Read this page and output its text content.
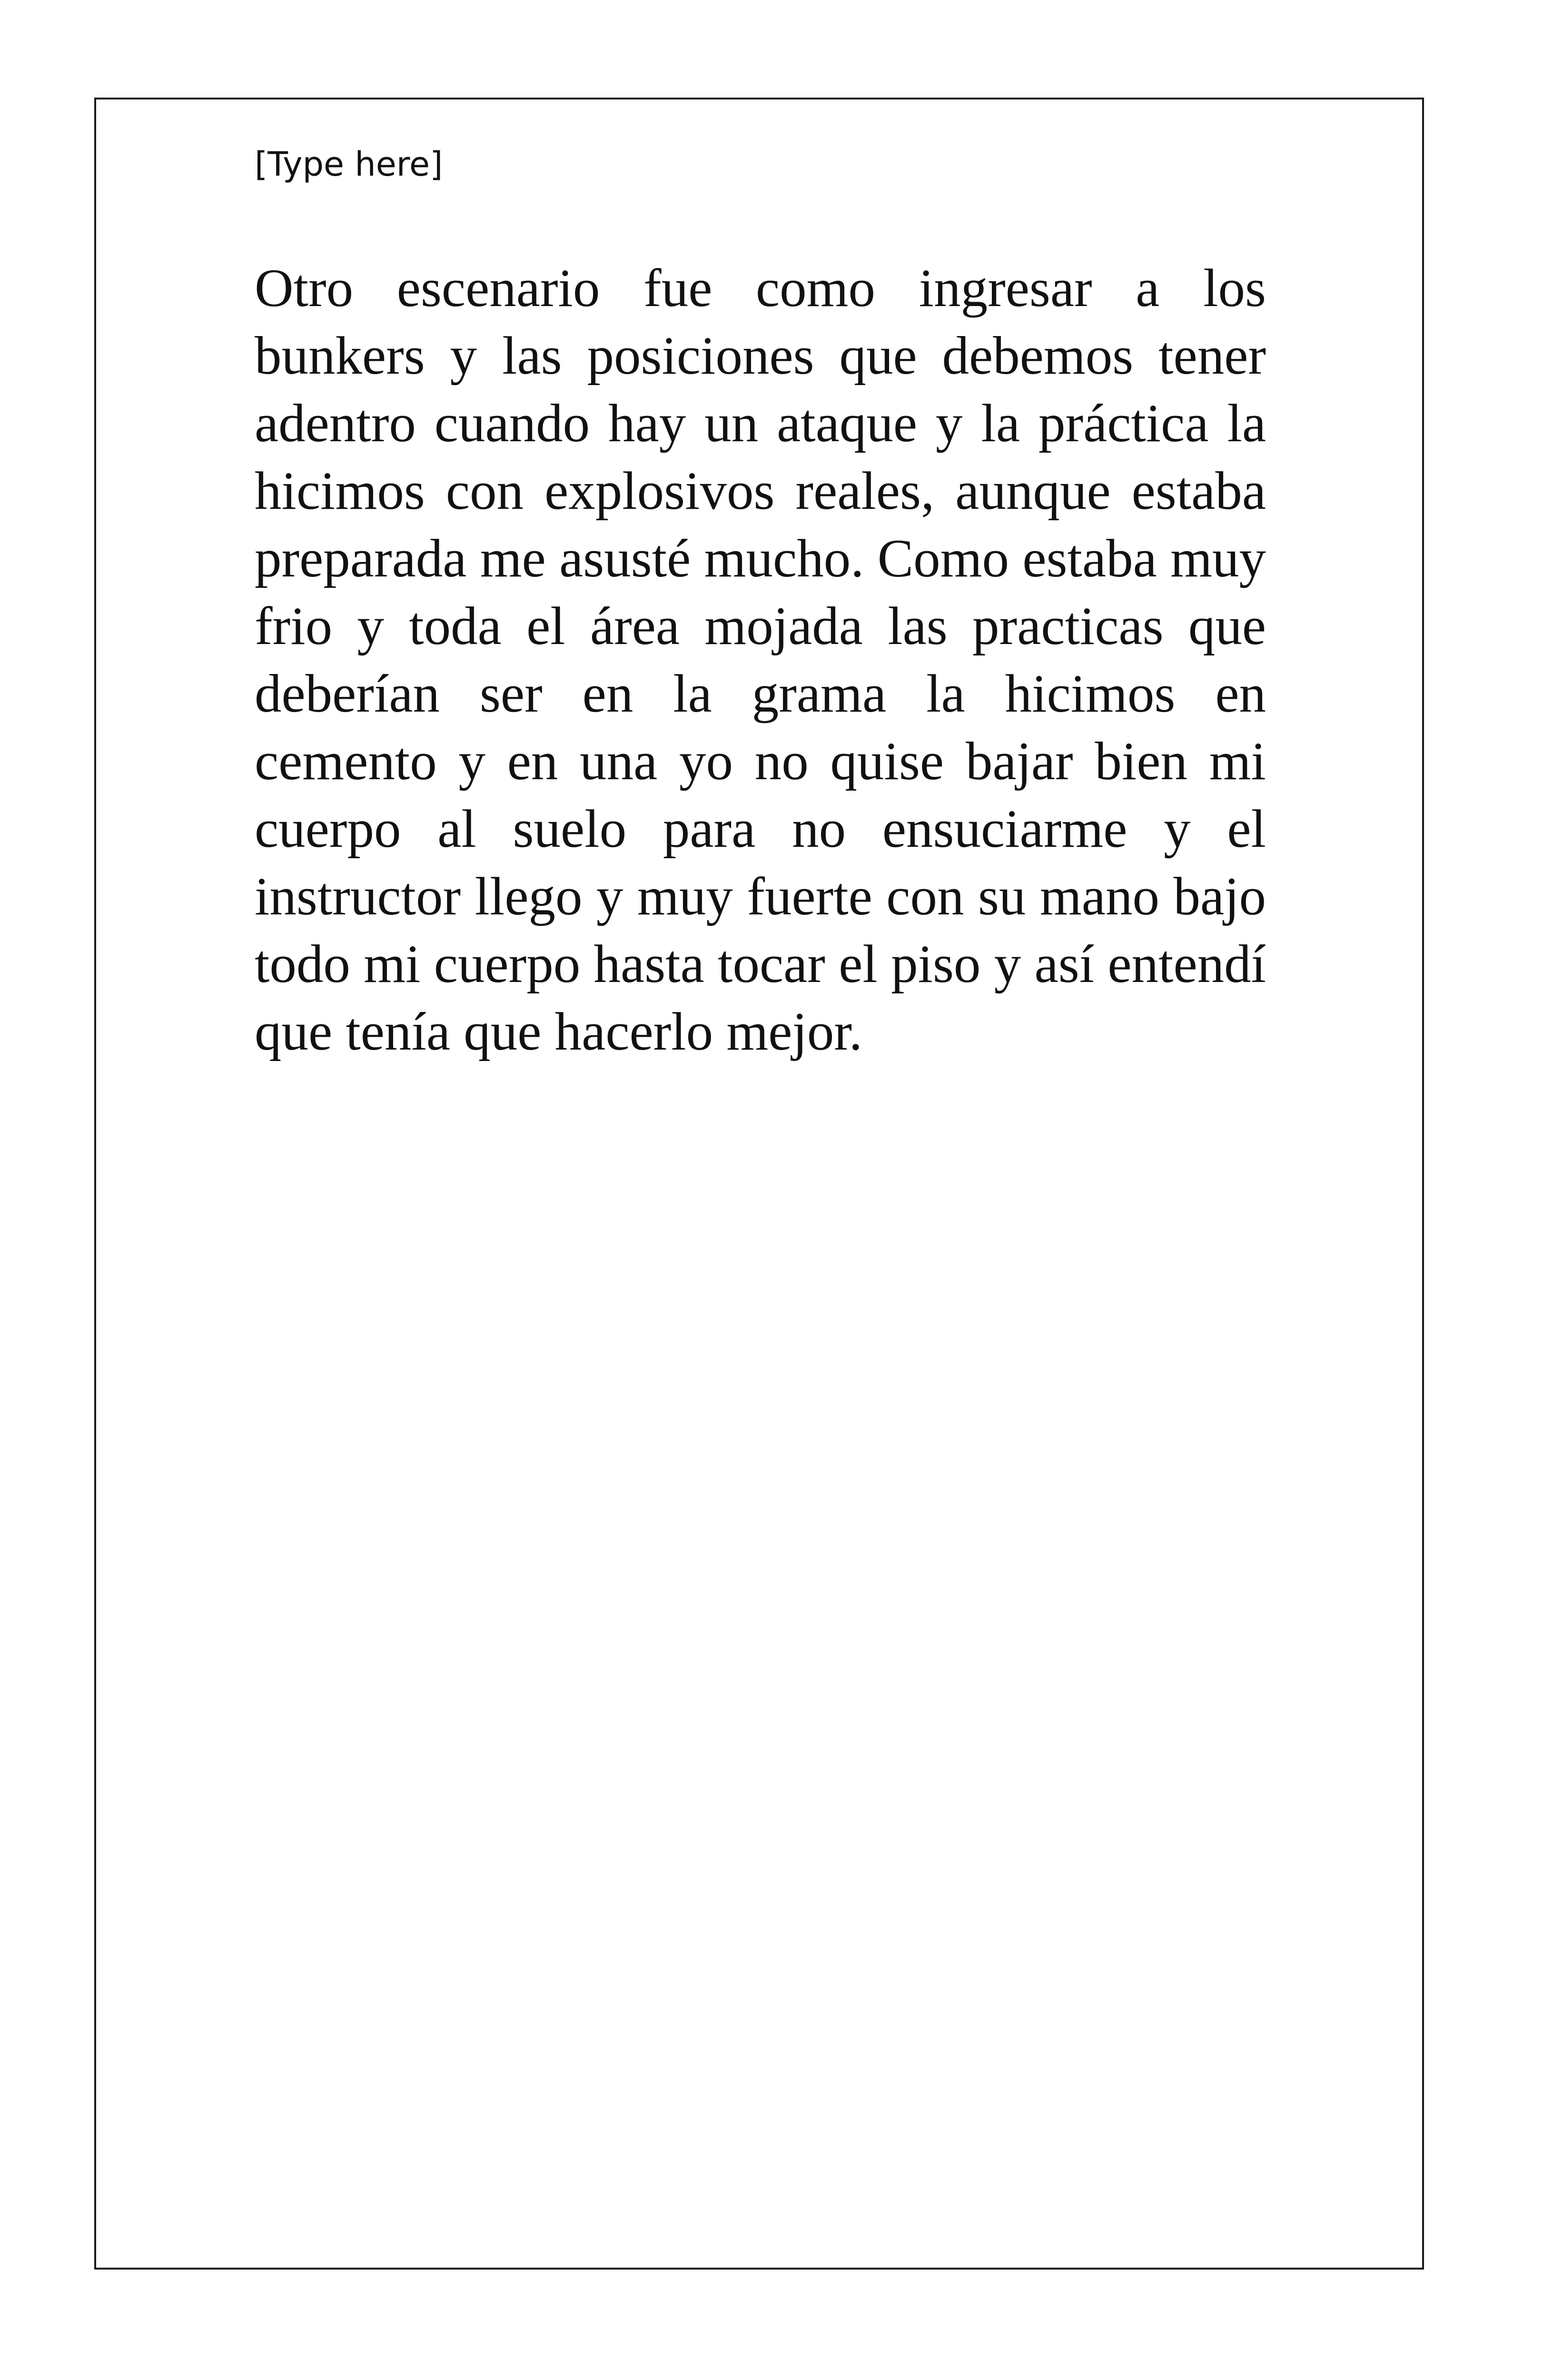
[Type here]

Otro escenario fue como ingresar a los bunkers y las posiciones que debemos tener adentro cuando hay un ataque y la práctica la hicimos con explosivos reales, aunque estaba preparada me asusté mucho. Como estaba muy frio y toda el área mojada las practicas que deberían ser en la grama la hicimos en cemento y en una yo no quise bajar bien mi cuerpo al suelo para no ensuciarme y el instructor llego y muy fuerte con su mano bajo todo mi cuerpo hasta tocar el piso y así entendí que tenía que hacerlo mejor.
